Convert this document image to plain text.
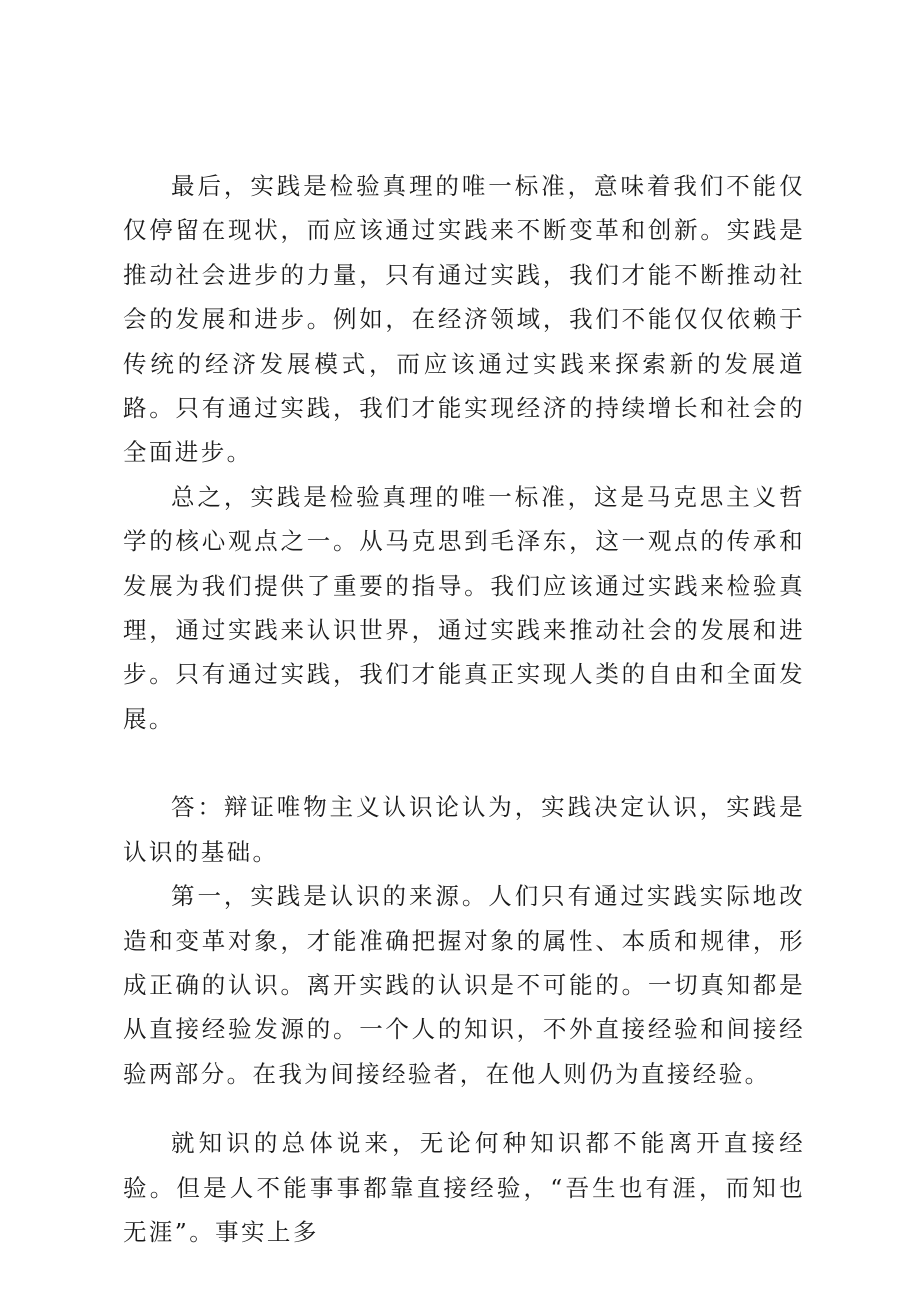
最后，实践是检验真理的唯一标准，意味着我们不能仅仅停留在现状，而应该通过实践来不断变革和创新。实践是推动社会进步的力量，只有通过实践，我们才能不断推动社会的发展和进步。例如，在经济领域，我们不能仅仅依赖于传统的经济发展模式，而应该通过实践来探索新的发展道路。只有通过实践，我们才能实现经济的持续增长和社会的全面进步。

总之，实践是检验真理的唯一标准，这是马克思主义哲学的核心观点之一。从马克思到毛泽东，这一观点的传承和发展为我们提供了重要的指导。我们应该通过实践来检验真理，通过实践来认识世界，通过实践来推动社会的发展和进步。只有通过实践，我们才能真正实现人类的自由和全面发展。

答：辩证唯物主义认识论认为，实践决定认识，实践是认识的基础。

第一，实践是认识的来源。人们只有通过实践实际地改造和变革对象，才能准确把握对象的属性、本质和规律，形成正确的认识。离开实践的认识是不可能的。一切真知都是从直接经验发源的。一个人的知识，不外直接经验和间接经验两部分。在我为间接经验者，在他人则仍为直接经验。

就知识的总体说来，无论何种知识都不能离开直接经验。但是人不能事事都靠直接经验，“吾生也有涯，而知也无涯”。事实上多
